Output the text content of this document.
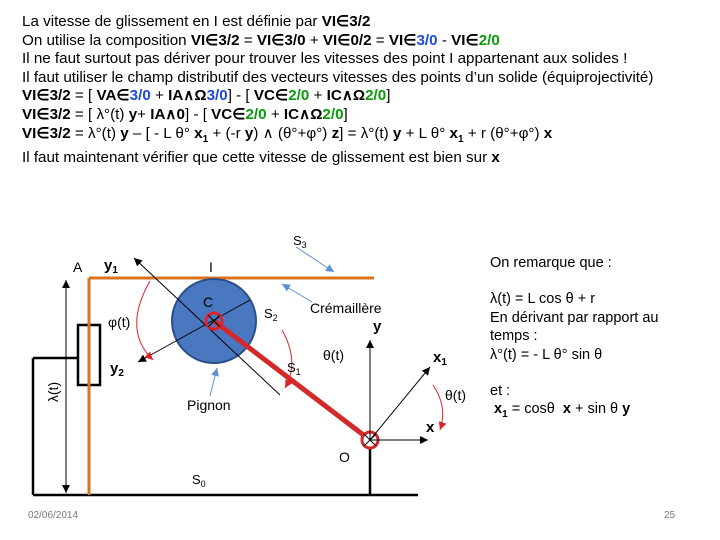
La vitesse de glissement en I est définie par VI∈3/2
On utilise la composition VI∈3/2 = VI∈3/0 + VI∈0/2 = VI∈3/0 - VI∈2/0
Il ne faut surtout pas dériver pour trouver les vitesses des point I appartenant aux solides !
Il faut utiliser le champ distributif des vecteurs vitesses des points d’un solide (équiprojectivité)
VI∈3/2 = [ VA∈3/0 + IA∧Ω3/0] - [ VC∈2/0 + IC∧Ω2/0]
VI∈3/2 = [ λ°(t) y+ IA∧0] - [ VC∈2/0 + IC∧Ω2/0]
VI∈3/2 = λ°(t) y – [ - L θ° $x_1 + (-r$ y) ∧ (θ°+φ°) z] = λ°(t) y + L θ° $x_1 + r$ (θ°+φ°) x
Il faut maintenant vérifier que cette vitesse de glissement est bien sur x
A	I
C
O
$y_1$
$y_2$
y
x
$x_1$
$S_3$
$S_2$
$S_1$
$S_0$
Crémaillère
Pignon
φ(t)
θ(t)
θ(t)
λ(t)
On remarque que :
λ(t) = L cos θ + r
En dérivant par rapport au
temps :
λ°(t) = - L θ° sin θ
et :
$x_1 = \cos\theta$  x + sin θ y
02/06/2014	25
